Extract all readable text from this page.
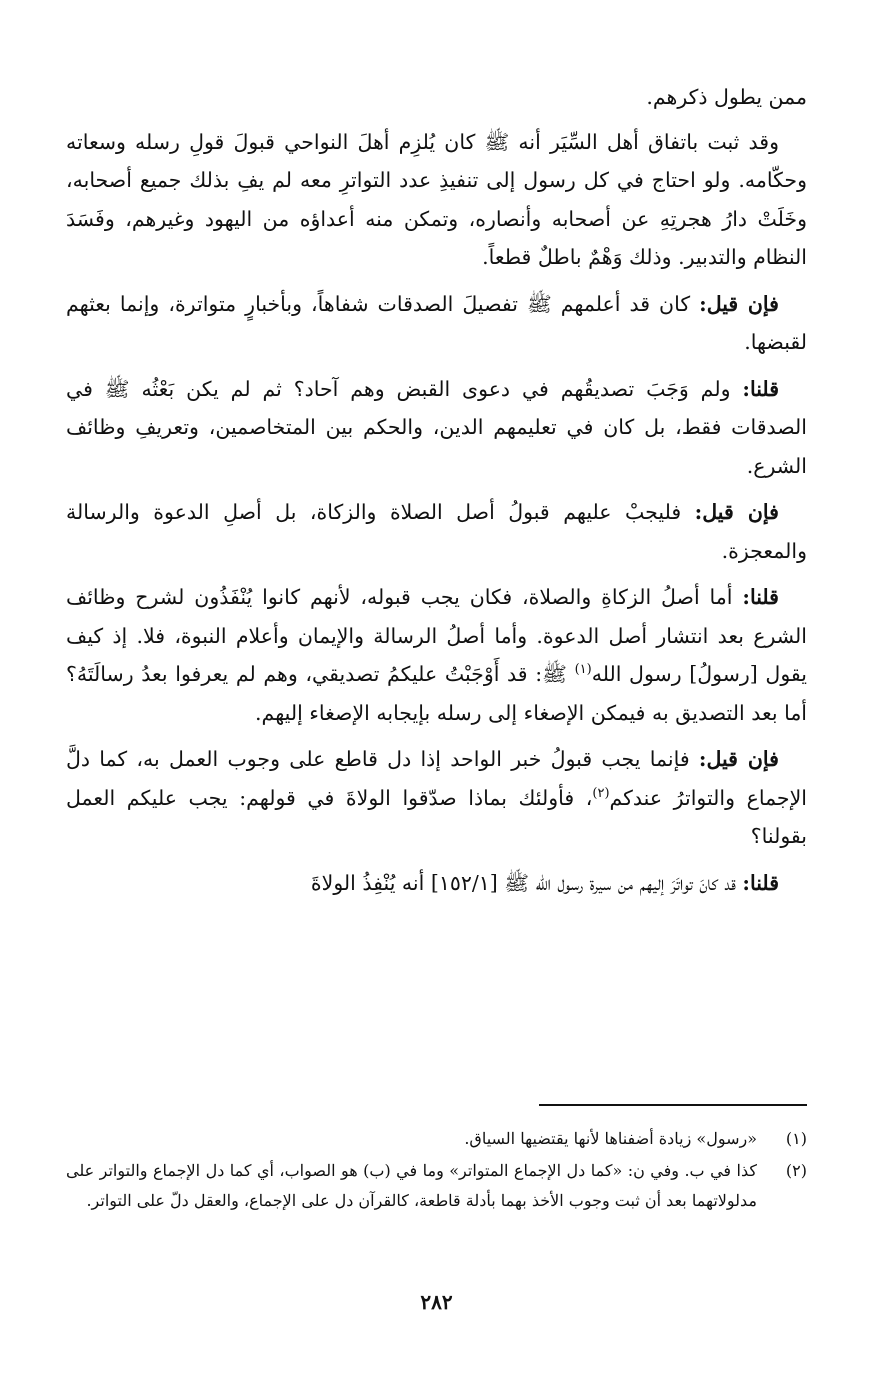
ممن يطول ذكرهم.

وقد ثبت باتفاق أهل السِّيَر أنه ﷺ كان يُلزِم أهلَ النواحي قبولَ قولِ رسله وسعاته وحكّامه. ولو احتاج في كل رسول إلى تنفيذِ عدد التواترِ معه لم يفِ بذلك جميع أصحابه، وخَلَتْ دارُ هجرتِهِ عن أصحابه وأنصاره، وتمكن منه أعداؤه من اليهود وغيرهم، وفَسَدَ النظام والتدبير. وذلك وَهْمٌ باطلٌ قطعاً.

فإن قيل: كان قد أعلمهم ﷺ تفصيلَ الصدقات شفاهاً، وبأخبارٍ متواترة، وإنما بعثهم لقبضها.

قلنا: ولم وَجَبَ تصديقُهم في دعوى القبض وهم آحاد؟ ثم لم يكن بَعْثُه ﷺ في الصدقات فقط، بل كان في تعليمهم الدين، والحكم بين المتخاصمين، وتعريفِ وظائف الشرع.

فإن قيل: فليجبْ عليهم قبولُ أصل الصلاة والزكاة، بل أصلِ الدعوة والرسالة والمعجزة.

قلنا: أما أصلُ الزكاةِ والصلاة، فكان يجب قبوله، لأنهم كانوا يُنْفَذُون لشرح وظائف الشرع بعد انتشار أصل الدعوة. وأما أصلُ الرسالة والإيمان وأعلام النبوة، فلا. إذ كيف يقول [رسولُ] رسول الله$^{(١)}$ ﷺ: قد أَوْجَبْتُ عليكمُ تصديقي، وهم لم يعرفوا بعدُ رسالَتَهُ؟ أما بعد التصديق به فيمكن الإصغاء إلى رسله بإيجابه الإصغاء إليهم.

فإن قيل: فإنما يجب قبولُ خبر الواحد إذا دل قاطع على وجوب العمل به، كما دلَّ الإجماع والتواترُ عندكم$^{(٢)}$، فأولئك بماذا صدّقوا الولاةَ في قولهم: يجب عليكم العمل بقولنا؟

قلنا: قد كانَ تواتَرَ إليهم من سيرة رسول الله ﷺ [١٥٢/١] أنه يُنْفِذُ الولاةَ

(١)
«رسول» زيادة أضفناها لأنها يقتضيها السياق.
(٢)
كذا في ب. وفي ن: «كما دل الإجماع المتواتر» وما في (ب) هو الصواب، أي كما دل الإجماع والتواتر على مدلولاتهما بعد أن ثبت وجوب الأخذ بهما بأدلة قاطعة، كالقرآن دل على الإجماع، والعقل دلّ على التواتر.
٢٨٢
